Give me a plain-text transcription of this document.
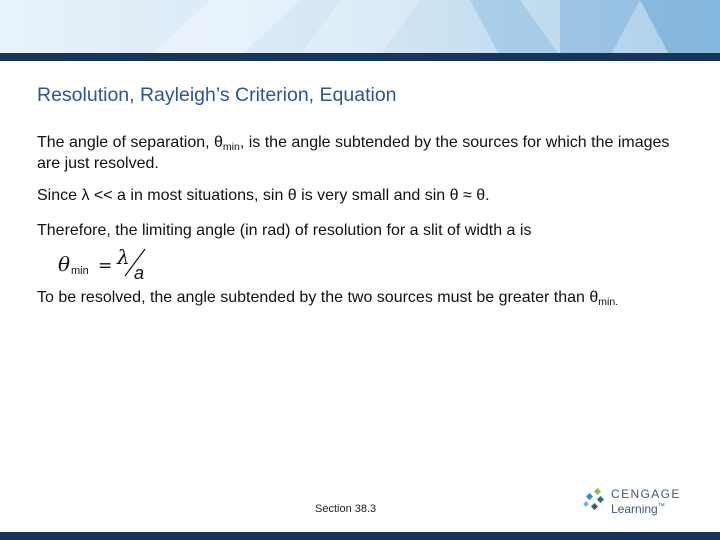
Resolution, Rayleigh’s Criterion, Equation
The angle of separation, $\theta_{min}$, is the angle subtended by the sources for which the images are just resolved.
Since λ << a in most situations, sin θ is very small and sin θ ≈ θ.
Therefore, the limiting angle (in rad) of resolution for a slit of width a is
θ min = λ
a
To be resolved, the angle subtended by the two sources must be greater than $\theta_{min.}$
Section 38.3
CENGAGE
Learning™
